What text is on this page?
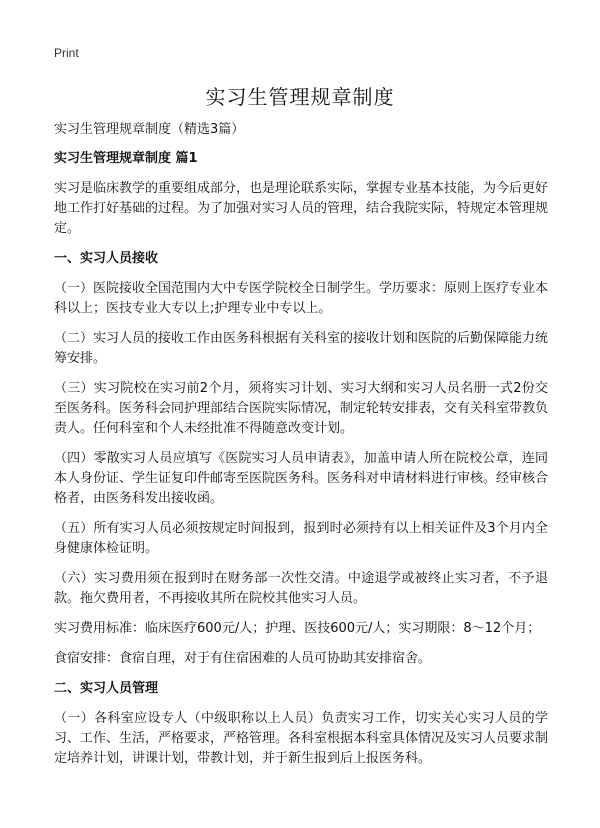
Print
实习生管理规章制度

实习生管理规章制度（精选3篇）

实习生管理规章制度 篇1

实习是临床教学的重要组成部分，也是理论联系实际，掌握专业基本技能，为今后更好地工作打好基础的过程。为了加强对实习人员的管理，结合我院实际，特规定本管理规定。

一、实习人员接收

（一）医院接收全国范围内大中专医学院校全日制学生。学历要求：原则上医疗专业本科以上；医技专业大专以上;护理专业中专以上。

（二）实习人员的接收工作由医务科根据有关科室的接收计划和医院的后勤保障能力统筹安排。

（三）实习院校在实习前2个月，须将实习计划、实习大纲和实习人员名册一式2份交至医务科。医务科会同护理部结合医院实际情况，制定轮转安排表，交有关科室带教负责人。任何科室和个人未经批准不得随意改变计划。

（四）零散实习人员应填写《医院实习人员申请表》，加盖申请人所在院校公章，连同本人身份证、学生证复印件邮寄至医院医务科。医务科对申请材料进行审核。经审核合格者，由医务科发出接收函。

（五）所有实习人员必须按规定时间报到，报到时必须持有以上相关证件及3个月内全身健康体检证明。

（六）实习费用须在报到时在财务部一次性交清。中途退学或被终止实习者，不予退款。拖欠费用者，不再接收其所在院校其他实习人员。

实习费用标准：临床医疗600元/人；护理、医技600元/人；实习期限：8～12个月；

食宿安排：食宿自理，对于有住宿困难的人员可协助其安排宿舍。

二、实习人员管理

（一）各科室应设专人（中级职称以上人员）负责实习工作，切实关心实习人员的学习、工作、生活，严格要求，严格管理。各科室根据本科室具体情况及实习人员要求制定培养计划，讲课计划，带教计划，并于新生报到后上报医务科。
